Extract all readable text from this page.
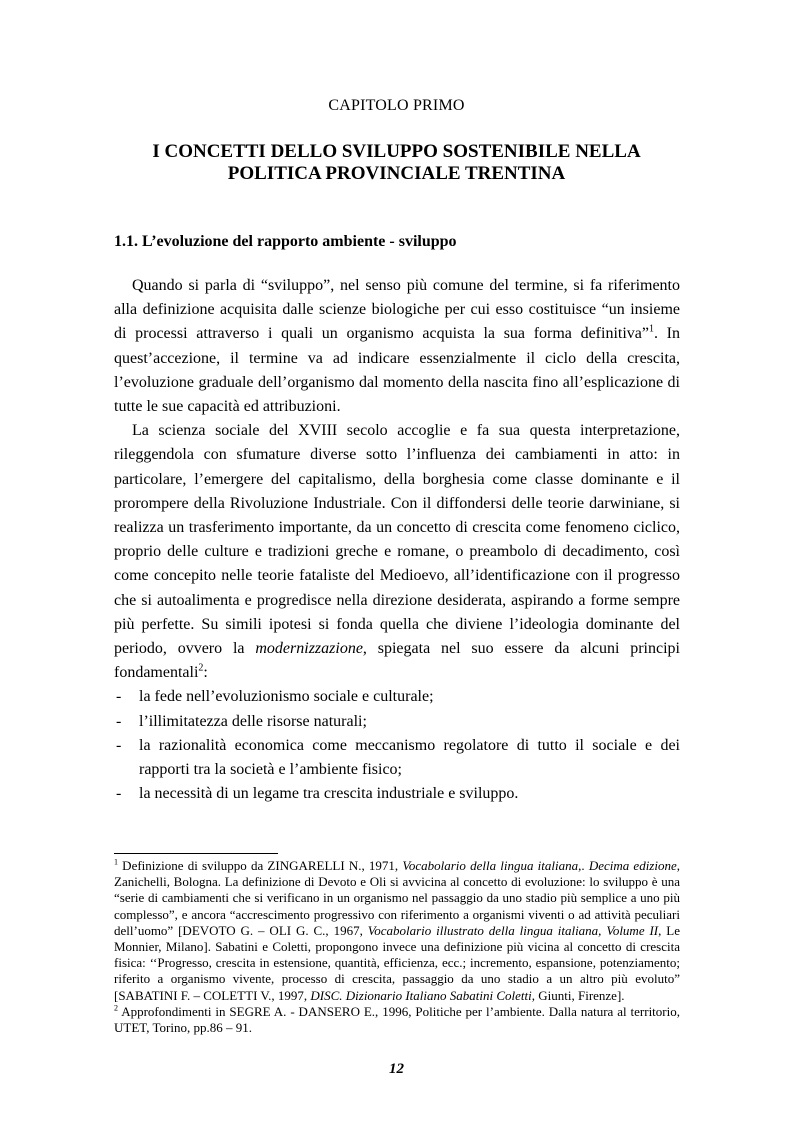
CAPITOLO PRIMO
I CONCETTI DELLO SVILUPPO SOSTENIBILE NELLA
POLITICA PROVINCIALE TRENTINA
1.1. L’evoluzione del rapporto ambiente - sviluppo

Quando si parla di “sviluppo”, nel senso più comune del termine, si fa riferimento alla definizione acquisita dalle scienze biologiche per cui esso costituisce “un insieme di processi attraverso i quali un organismo acquista la sua forma definitiva”$^1$. In quest’accezione, il termine va ad indicare essenzialmente il ciclo della crescita, l’evoluzione graduale dell’organismo dal momento della nascita fino all’esplicazione di tutte le sue capacità ed attribuzioni.

La scienza sociale del XVIII secolo accoglie e fa sua questa interpretazione, rileggendola con sfumature diverse sotto l’influenza dei cambiamenti in atto: in particolare, l’emergere del capitalismo, della borghesia come classe dominante e il prorompere della Rivoluzione Industriale. Con il diffondersi delle teorie darwiniane, si realizza un trasferimento importante, da un concetto di crescita come fenomeno ciclico, proprio delle culture e tradizioni greche e romane, o preambolo di decadimento, così come concepito nelle teorie fataliste del Medioevo, all’identificazione con il progresso che si autoalimenta e progredisce nella direzione desiderata, aspirando a forme sempre più perfette. Su simili ipotesi si fonda quella che diviene l’ideologia dominante del periodo, ovvero la modernizzazione, spiegata nel suo essere da alcuni principi fondamentali$^2$:

- la fede nell’evoluzionismo sociale e culturale;
- l’illimitatezza delle risorse naturali;
- la razionalità economica come meccanismo regolatore di tutto il sociale e dei rapporti tra la società e l’ambiente fisico;
- la necessità di un legame tra crescita industriale e sviluppo.

$^1$ Definizione di sviluppo da ZINGARELLI N., 1971, Vocabolario della lingua italiana,. Decima edizione, Zanichelli, Bologna. La definizione di Devoto e Oli si avvicina al concetto di evoluzione: lo sviluppo è una “serie di cambiamenti che si verificano in un organismo nel passaggio da uno stadio più semplice a uno più complesso”, e ancora “accrescimento progressivo con riferimento a organismi viventi o ad attività peculiari dell’uomo” [DEVOTO G. – OLI G. C., 1967, Vocabolario illustrato della lingua italiana, Volume II, Le Monnier, Milano]. Sabatini e Coletti, propongono invece una definizione più vicina al concetto di crescita fisica: ‘‘Progresso, crescita in estensione, quantità, efficienza, ecc.; incremento, espansione, potenziamento; riferito a organismo vivente, processo di crescita, passaggio da uno stadio a un altro più evoluto” [SABATINI F. – COLETTI V., 1997, DISC. Dizionario Italiano Sabatini Coletti, Giunti, Firenze].

$^2$ Approfondimenti in SEGRE A. - DANSERO E., 1996, Politiche per l’ambiente. Dalla natura al territorio, UTET, Torino, pp.86 – 91.

12
